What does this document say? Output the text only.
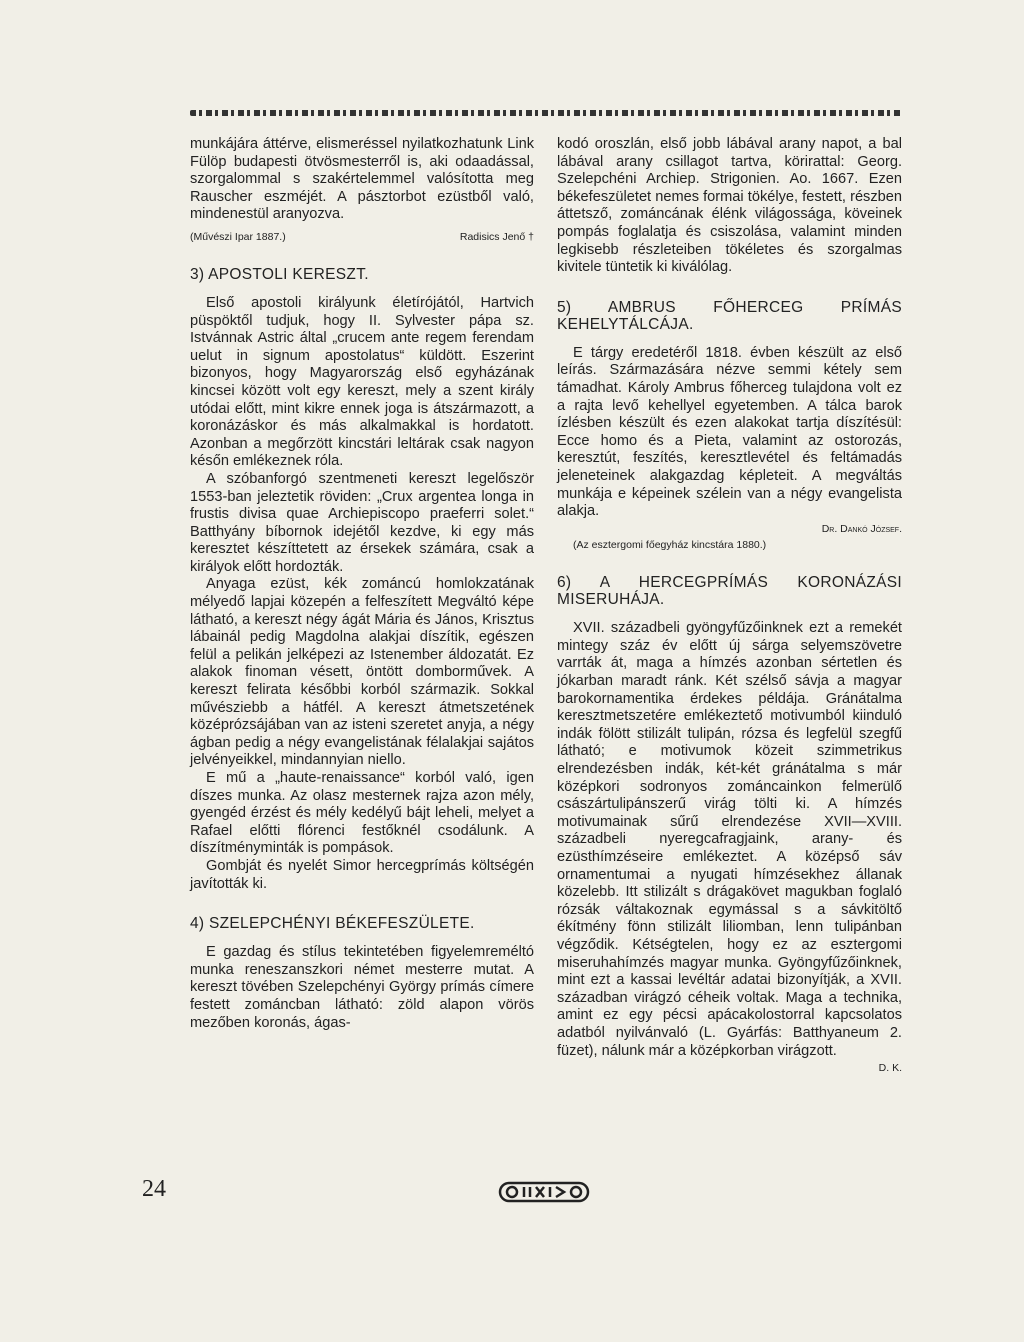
munkájára áttérve, elismeréssel nyilatkozhatunk Link Fülöp budapesti ötvösmesterről is, aki odaadással, szorgalommal s szakértelemmel valósította meg Rauscher eszméjét. A pásztorbot ezüstből való, mindenestül aranyozva.

(Művészi Ipar 1887.)	Radisics Jenő †
3) APOSTOLI KERESZT.

Első apostoli királyunk életírójától, Hartvich püspöktől tudjuk, hogy II. Sylvester pápa sz. Istvánnak Astric által „crucem ante regem ferendam uelut in signum apostolatus“ küldött. Eszerint bizonyos, hogy Magyarország első egyházának kincsei között volt egy kereszt, mely a szent király utódai előtt, mint kikre ennek joga is átszármazott, a koronázáskor és más alkalmakkal is hordatott. Azonban a megőrzött kincstári leltárak csak nagyon későn emlékeznek róla.

A szóbanforgó szentmeneti kereszt legelőször 1553-ban jeleztetik röviden: „Crux argentea longa in frustis divisa quae Archiepiscopo praeferri solet.“ Batthyány bíbornok idejétől kezdve, ki egy más keresztet készíttetett az érsekek számára, csak a királyok előtt hordozták.

Anyaga ezüst, kék zománcú homlokzatának mélyedő lapjai közepén a felfeszített Megváltó képe látható, a kereszt négy ágát Mária és János, Krisztus lábainál pedig Magdolna alakjai díszítik, egészen felül a pelikán jelképezi az Istenember áldozatát. Ez alakok finoman vésett, öntött domborművek. A kereszt felirata későbbi korból származik. Sokkal művésziebb a hátfél. A kereszt átmetszetének középrózsájában van az isteni szeretet anyja, a négy ágban pedig a négy evangelistának félalakjai sajátos jelvényeikkel, mindannyian niello.

E mű a „haute-renaissance“ korból való, igen díszes munka. Az olasz mesternek rajza azon mély, gyengéd érzést és mély kedélyű bájt leheli, melyet a Rafael előtti flórenci festőknél csodálunk. A díszítményminták is pompások.

Gombját és nyelét Simor hercegprímás költségén javították ki.

4) SZELEPCHÉNYI BÉKEFESZÜLETE.

E gazdag és stílus tekintetében figyelemreméltó munka reneszanszkori német mesterre mutat. A kereszt tövében Szelepchényi György prímás címere festett zománcban látható: zöld alapon vörös mezőben koronás, ágas-

kodó oroszlán, első jobb lábával arany napot, a bal lábával arany csillagot tartva, körirattal: Georg. Szelepchéni Archiep. Strigonien. Ao. 1667. Ezen békefeszületet nemes formai tökélye, festett, részben áttetsző, zománcának élénk világossága, köveinek pompás foglalatja és csiszolása, valamint minden legkisebb részleteiben tökéletes és szorgalmas kivitele tüntetik ki kiválólag.

5) AMBRUS FŐHERCEG PRÍMÁS KEHELYTÁLCÁJA.

E tárgy eredetéről 1818. évben készült az első leírás. Származására nézve semmi kétely sem támadhat. Károly Ambrus főherceg tulajdona volt ez a rajta levő kehellyel egyetemben. A tálca barok ízlésben készült és ezen alakokat tartja díszítésül: Ecce homo és a Pieta, valamint az ostorozás, keresztút, feszítés, keresztlevétel és feltámadás jeleneteinek alakgazdag képleteit. A megváltás munkája e képeinek szélein van a négy evangelista alakja.

Dr. Dankó József.

(Az esztergomi főegyház kincstára 1880.)

6) A HERCEGPRÍMÁS KORONÁZÁSI MISERUHÁJA.

XVII. századbeli gyöngyfűzőinknek ezt a remekét mintegy száz év előtt új sárga selyemszövetre varrták át, maga a hímzés azonban sértetlen és jókarban maradt ránk. Két szélső sávja a magyar barokornamentika érdekes példája. Gránátalma keresztmetszetére emlékeztető motivumból kiinduló indák fölött stilizált tulipán, rózsa és legfelül szegfű látható; e motivumok közeit szimmetrikus elrendezésben indák, két-két gránátalma s már középkori sodronyos zománcainkon felmerülő császártulipánszerű virág tölti ki. A hímzés motivumainak sűrű elrendezése XVII—XVIII. századbeli nyeregcafragjaink, arany- és ezüsthímzéseire emlékeztet. A középső sáv ornamentumai a nyugati hímzésekhez állanak közelebb. Itt stilizált s drágakövet magukban foglaló rózsák váltakoznak egymással s a sávkitöltő ékítmény fönn stilizált liliomban, lenn tulipánban végződik. Kétségtelen, hogy ez az esztergomi miseruhahímzés magyar munka. Gyöngyfűzőinknek, mint ezt a kassai levéltár adatai bizonyítják, a XVII. században virágzó céheik voltak. Maga a technika, amint ez egy pécsi apácakolostorral kapcsolatos adatból nyilvánvaló (L. Gyárfás: Batthyaneum 2. füzet), nálunk már a középkorban virágzott.

D. K.
24
